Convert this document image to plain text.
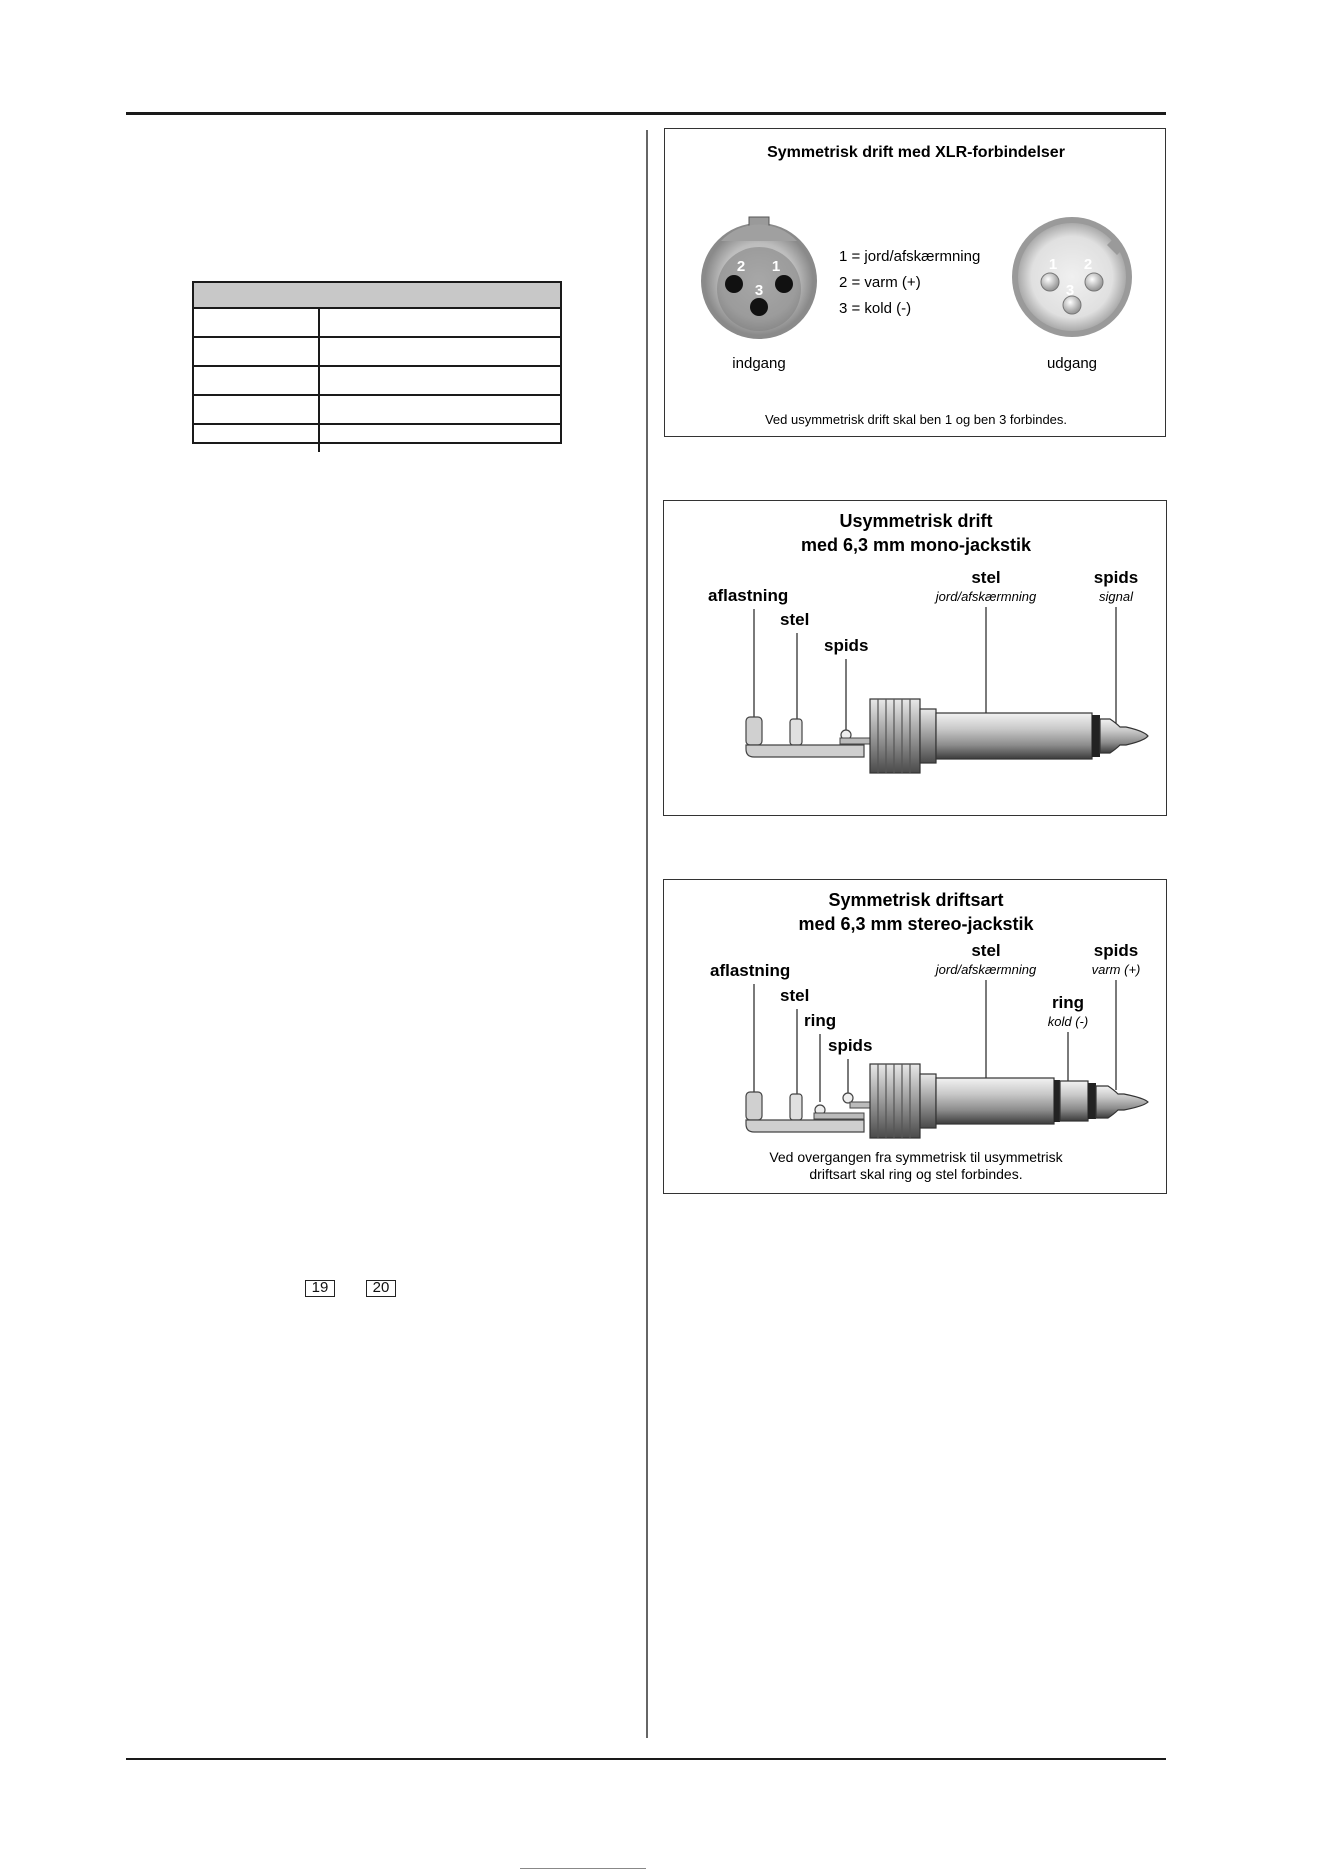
19	20
Symmetrisk drift med XLR-forbindelser
2 1
3
1 = jord/afskærmning
2 = varm (+)
3 = kold (-)
1 2
3
indgang	udgang
Ved usymmetrisk drift skal ben 1 og ben 3 forbindes.
Usymmetrisk drift
med 6,3 mm mono-jackstik
aflastning
stel
spids
stel
jord/afskærmning
spids
signal
Symmetrisk driftsart
med 6,3 mm stereo-jackstik
aflastning
stel
ring
spids
stel
jord/afskærmning
ring
kold (-)
spids
varm (+)
Ved overgangen fra symmetrisk til usymmetrisk
driftsart skal ring og stel forbindes.
